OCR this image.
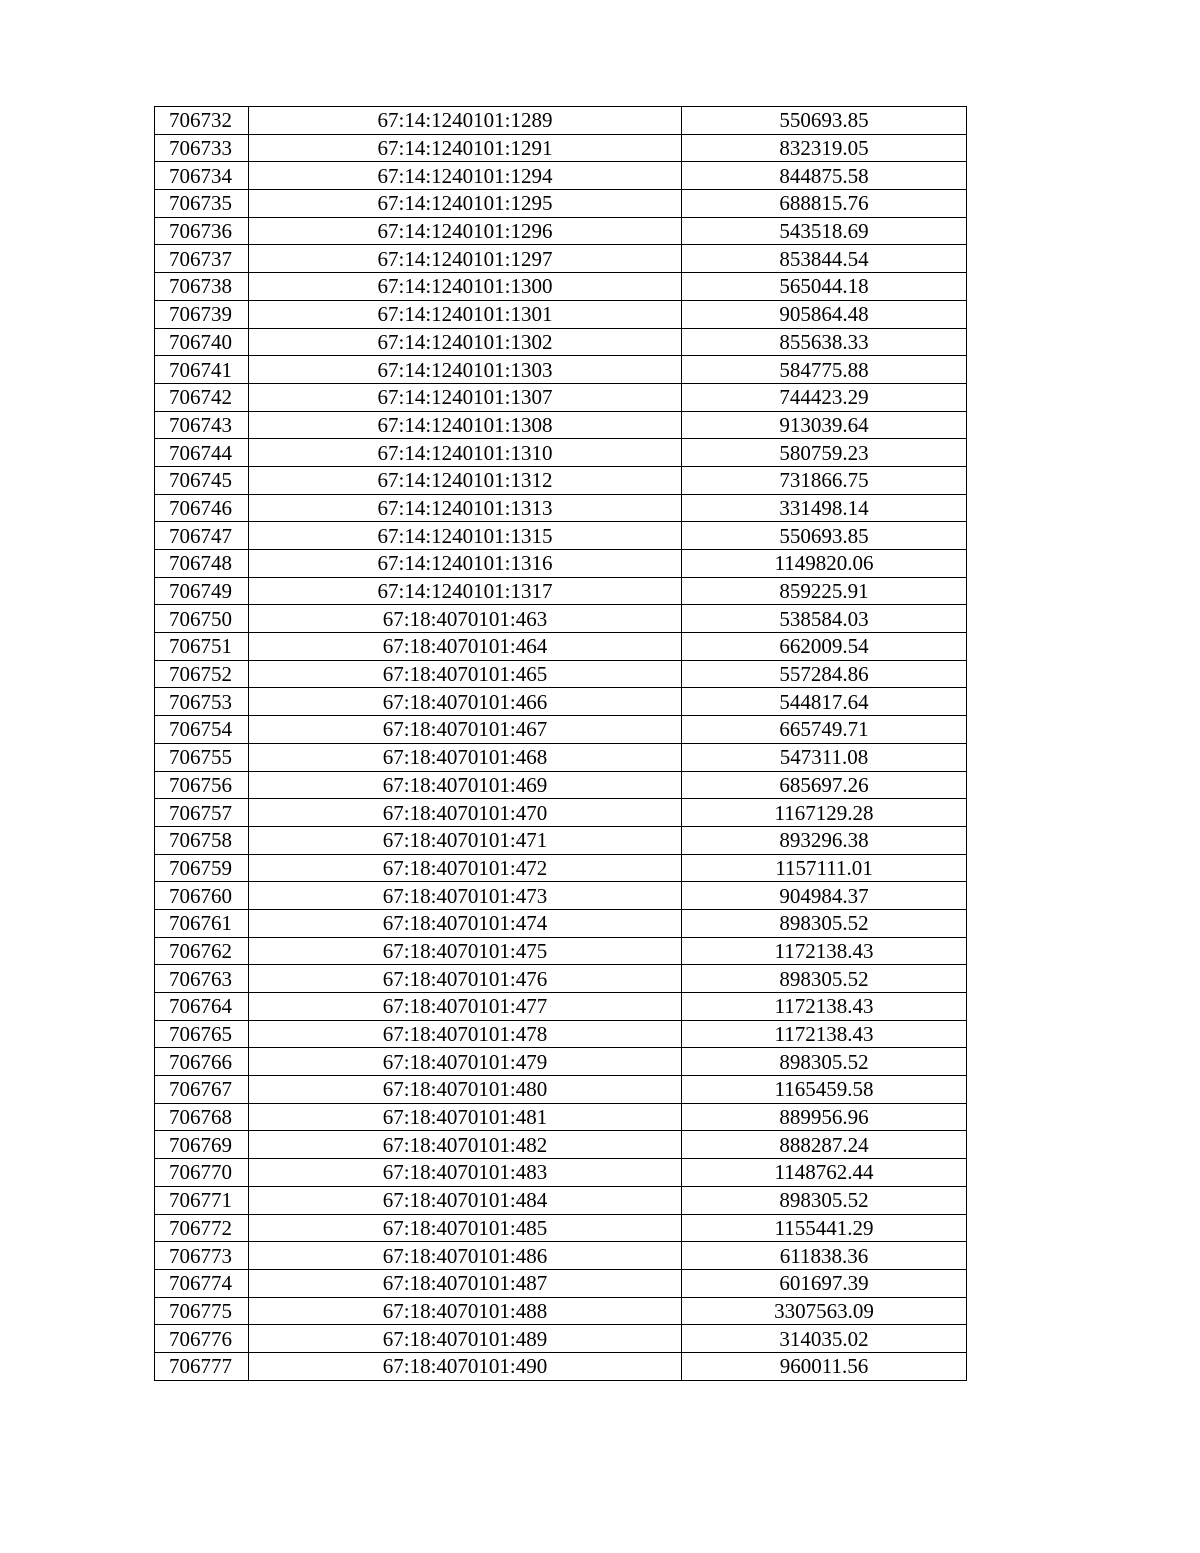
706732	67:14:1240101:1289	550693.85
706733	67:14:1240101:1291	832319.05
706734	67:14:1240101:1294	844875.58
706735	67:14:1240101:1295	688815.76
706736	67:14:1240101:1296	543518.69
706737	67:14:1240101:1297	853844.54
706738	67:14:1240101:1300	565044.18
706739	67:14:1240101:1301	905864.48
706740	67:14:1240101:1302	855638.33
706741	67:14:1240101:1303	584775.88
706742	67:14:1240101:1307	744423.29
706743	67:14:1240101:1308	913039.64
706744	67:14:1240101:1310	580759.23
706745	67:14:1240101:1312	731866.75
706746	67:14:1240101:1313	331498.14
706747	67:14:1240101:1315	550693.85
706748	67:14:1240101:1316	1149820.06
706749	67:14:1240101:1317	859225.91
706750	67:18:4070101:463	538584.03
706751	67:18:4070101:464	662009.54
706752	67:18:4070101:465	557284.86
706753	67:18:4070101:466	544817.64
706754	67:18:4070101:467	665749.71
706755	67:18:4070101:468	547311.08
706756	67:18:4070101:469	685697.26
706757	67:18:4070101:470	1167129.28
706758	67:18:4070101:471	893296.38
706759	67:18:4070101:472	1157111.01
706760	67:18:4070101:473	904984.37
706761	67:18:4070101:474	898305.52
706762	67:18:4070101:475	1172138.43
706763	67:18:4070101:476	898305.52
706764	67:18:4070101:477	1172138.43
706765	67:18:4070101:478	1172138.43
706766	67:18:4070101:479	898305.52
706767	67:18:4070101:480	1165459.58
706768	67:18:4070101:481	889956.96
706769	67:18:4070101:482	888287.24
706770	67:18:4070101:483	1148762.44
706771	67:18:4070101:484	898305.52
706772	67:18:4070101:485	1155441.29
706773	67:18:4070101:486	611838.36
706774	67:18:4070101:487	601697.39
706775	67:18:4070101:488	3307563.09
706776	67:18:4070101:489	314035.02
706777	67:18:4070101:490	960011.56
